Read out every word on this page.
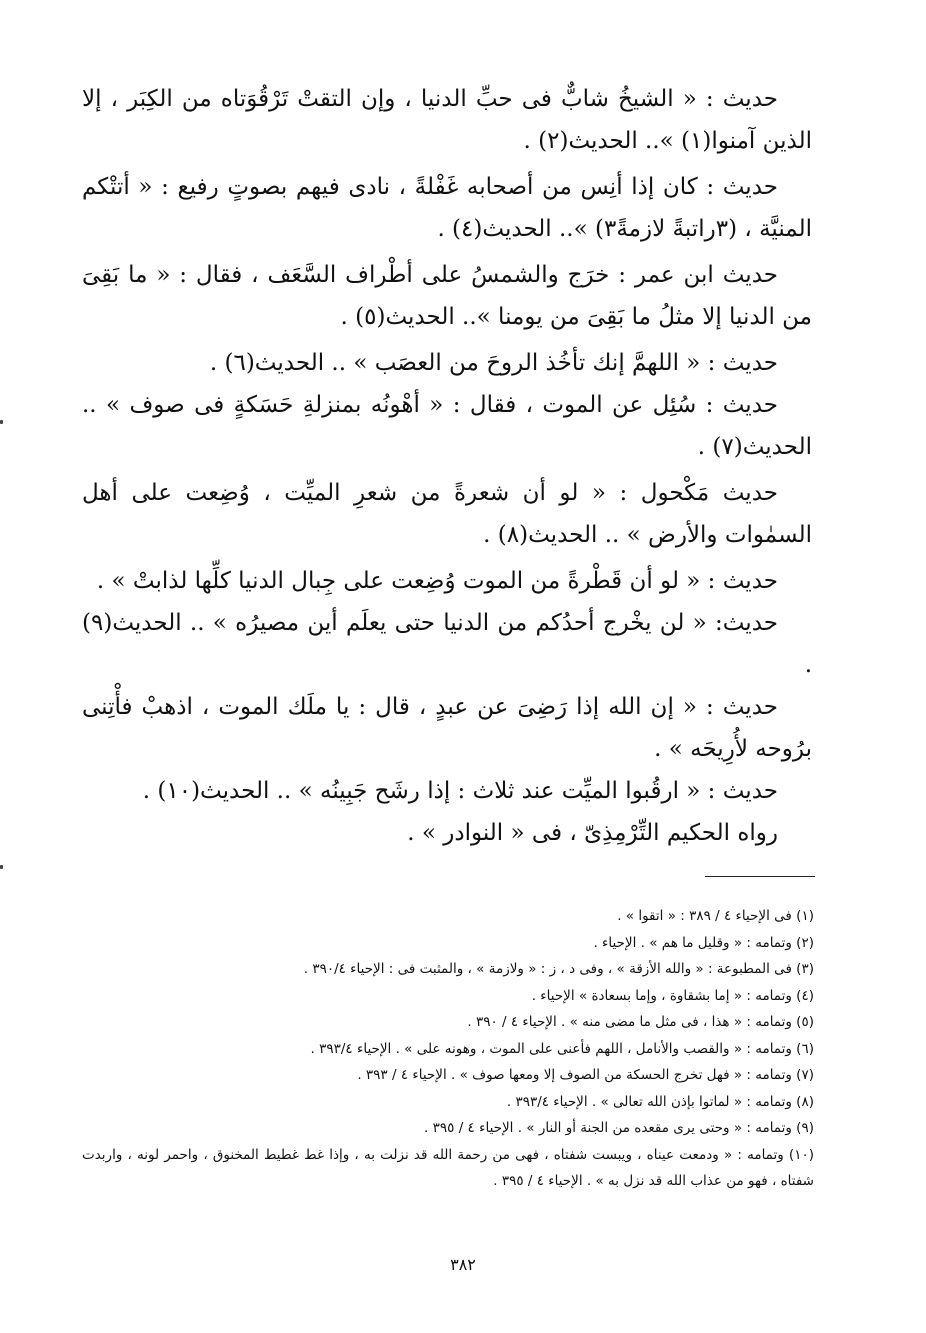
حديث : « الشيخُ شابٌّ فى حبِّ الدنيا ، وإن التقتْ تَرْقُوَتاه من الكِبَر ، إلا الذين آمنوا(١) ».. الحديث(٢) .

حديث : كان إذا أنِس من أصحابه غَفْلةً ، نادى فيهم بصوتٍ رفيع : « أتتْكم المنيَّة ، (٣راتبةً لازمةً٣) ».. الحديث(٤) .

حديث ابن عمر : خرَج والشمسُ على أطْراف السَّعَف ، فقال : « ما بَقِىَ من الدنيا إلا مثلُ ما بَقِىَ من يومنا ».. الحديث(٥) .

حديث : « اللهمَّ إنك تأخُذ الروحَ من العصَب » .. الحديث(٦) .

حديث : سُئِل عن الموت ، فقال : « أهْونُه بمنزلةِ حَسَكةٍ فى صوف » .. الحديث(٧) .

حديث مَكْحول : « لو أن شعرةً من شعرِ الميِّت ، وُضِعت على أهل السمٰوات والأرض » .. الحديث(٨) .

حديث : « لو أن قَطْرةً من الموت وُضِعت على جِبال الدنيا كلِّها لذابتْ » .

حديث: « لن يخْرج أحدُكم من الدنيا حتى يعلَم أين مصيرُه » .. الحديث(٩) .

حديث : « إن الله إذا رَضِىَ عن عبدٍ ، قال : يا ملَك الموت ، اذهبْ فأْتِنى برُوحه لأُرِيحَه » .

حديث : « ارقُبوا الميِّت عند ثلاث : إذا رشَح جَبِينُه » .. الحديث(١٠) .

رواه الحكيم التِّرْمِذِىّ ، فى « النوادر » .

(١) فى الإحياء ٤ / ٣٨٩ : « اتقوا » .

(٢) وتمامه : « وقليل ما هم » . الإحياء .

(٣) فى المطبوعة : « والله الأزقة » ، وفى د ، ز : « ولازمة » ، والمثبت فى : الإحياء ٣٩٠/٤ .

(٤) وتمامه : « إما بشقاوة ، وإما بسعادة » الإحياء .

(٥) وتمامه : « هذا ، فى مثل ما مضى منه » . الإحياء ٤ / ٣٩٠ .

(٦) وتمامه : « والقصب والأنامل ، اللهم فأعنى على الموت ، وهونه على » . الإحياء ٣٩٣/٤ .

(٧) وتمامه : « فهل تخرج الحسكة من الصوف إلا ومعها صوف » . الإحياء ٤ / ٣٩٣ .

(٨) وتمامه : « لماتوا بإذن الله تعالى » . الإحياء ٣٩٣/٤ .

(٩) وتمامه : « وحتى يرى مقعده من الجنة أو النار » . الإحياء ٤ / ٣٩٥ .

(١٠) وتمامه : « ودمعت عيناه ، ويبست شفتاه ، فهى من رحمة الله قد نزلت به ، وإذا غط غطيط المخنوق ، واحمر لونه ، واربدت شفتاه ، فهو من عذاب الله قد نزل به » . الإحياء ٤ / ٣٩٥ .

٣٨٢
